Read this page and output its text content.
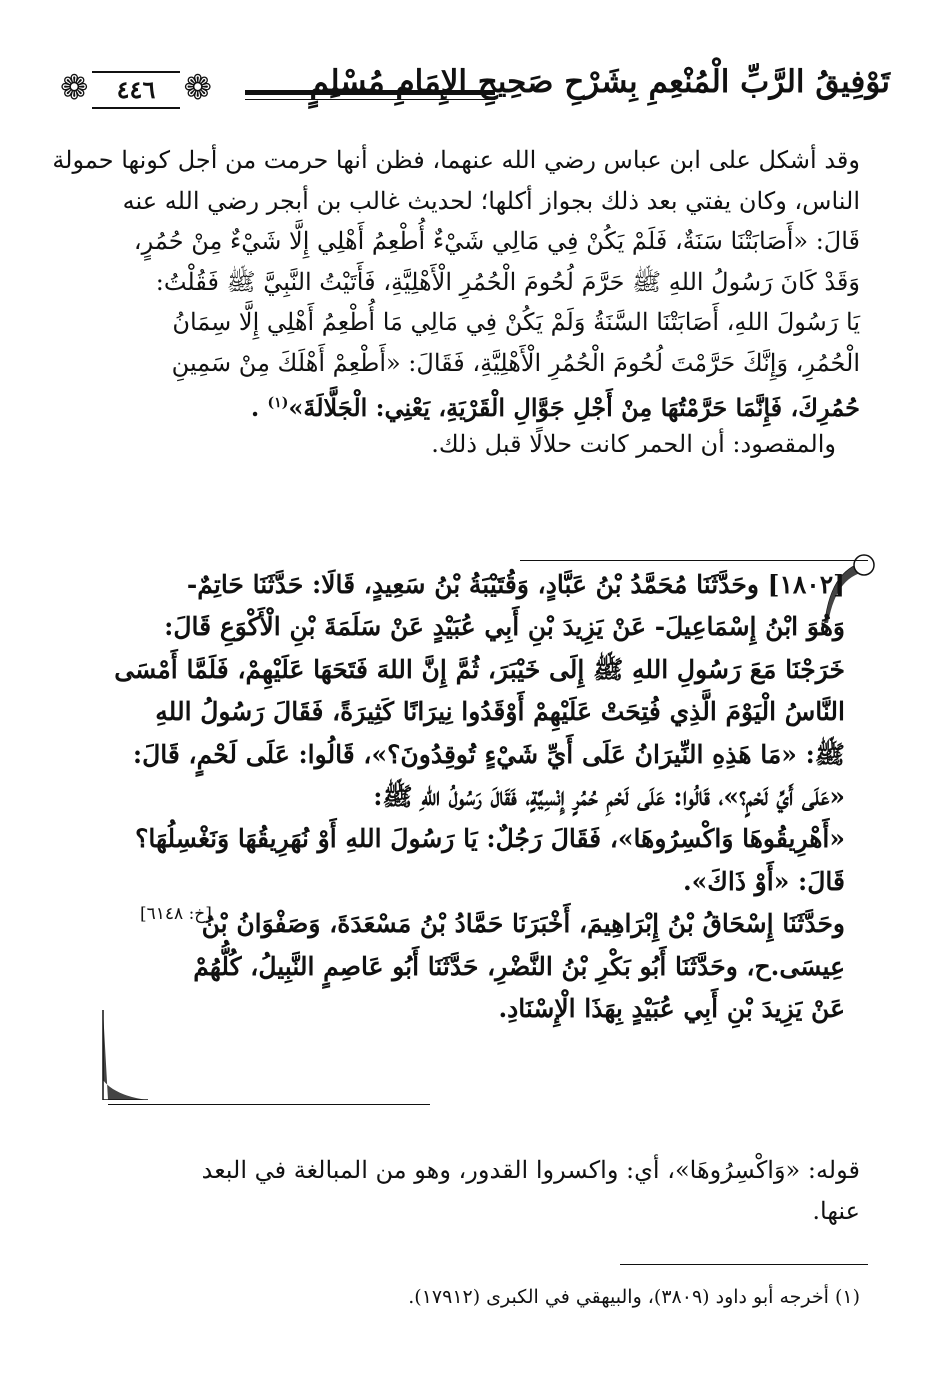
تَوْفِيقُ الرَّبِّ الْمُنْعِمِ بِشَرْحِ صَحِيحِ الإِمَامِ مُسْلِمٍ
❁
٤٤٦
❁
وقد أشكل على ابن عباس رضي الله عنهما، فظن أنها حرمت من أجل كونها حمولة
الناس، وكان يفتي بعد ذلك بجواز أكلها؛ لحديث غالب بن أبجر رضي الله عنه
قَالَ: «أَصَابَتْنَا سَنَةٌ، فَلَمْ يَكُنْ فِي مَالِي شَيْءٌ أُطْعِمُ أَهْلِي إِلَّا شَيْءٌ مِنْ حُمُرٍ،
وَقَدْ كَانَ رَسُولُ اللهِ ﷺ حَرَّمَ لُحُومَ الْحُمُرِ الْأَهْلِيَّةِ، فَأَتَيْتُ النَّبِيَّ ﷺ فَقُلْتُ:
يَا رَسُولَ اللهِ، أَصَابَتْنَا السَّنَةُ وَلَمْ يَكُنْ فِي مَالِي مَا أُطْعِمُ أَهْلِي إِلَّا سِمَانُ
الْحُمُرِ، وَإِنَّكَ حَرَّمْتَ لُحُومَ الْحُمُرِ الْأَهْلِيَّةِ، فَقَالَ: «أَطْعِمْ أَهْلَكَ مِنْ سَمِينِ
حُمُرِكَ، فَإِنَّمَا حَرَّمْتُهَا مِنْ أَجْلِ جَوَّالِ الْقَرْيَةِ، يَعْنِي: الْجَلَّالَةَ»$^{(١)}$ .
والمقصود: أن الحمر كانت حلالًا قبل ذلك.
[١٨٠٢] وحَدَّثَنَا مُحَمَّدُ بْنُ عَبَّادٍ، وَقُتَيْبَةُ بْنُ سَعِيدٍ، قَالَا: حَدَّثَنَا حَاتِمٌ-
وَهُوَ ابْنُ إِسْمَاعِيلَ- عَنْ يَزِيدَ بْنِ أَبِي عُبَيْدٍ عَنْ سَلَمَةَ بْنِ الْأَكْوَعِ قَالَ:
خَرَجْنَا مَعَ رَسُولِ اللهِ ﷺ إِلَى خَيْبَرَ، ثُمَّ إِنَّ اللهَ فَتَحَهَا عَلَيْهِمْ، فَلَمَّا أَمْسَى
النَّاسُ الْيَوْمَ الَّذِي فُتِحَتْ عَلَيْهِمْ أَوْقَدُوا نِيرَانًا كَثِيرَةً، فَقَالَ رَسُولُ اللهِ
ﷺ: «مَا هَذِهِ النِّيرَانُ عَلَى أَيِّ شَيْءٍ تُوقِدُونَ؟»، قَالُوا: عَلَى لَحْمٍ، قَالَ:
«عَلَى أَيِّ لَحْمٍ؟»، قَالُوا: عَلَى لَحْمِ حُمُرٍ إِنْسِيَّةٍ، فَقَالَ رَسُولُ اللهِ ﷺ:
«أَهْرِيقُوهَا وَاكْسِرُوهَا»، فَقَالَ رَجُلٌ: يَا رَسُولَ اللهِ أَوْ نُهَرِيقُهَا وَنَغْسِلُهَا؟
قَالَ: «أَوْ ذَاكَ».
وحَدَّثَنَا إِسْحَاقُ بْنُ إِبْرَاهِيمَ، أَخْبَرَنَا حَمَّادُ بْنُ مَسْعَدَةَ، وَصَفْوَانُ بْنُ
عِيسَى.ح، وحَدَّثَنَا أَبُو بَكْرِ بْنُ النَّضْرِ، حَدَّثَنَا أَبُو عَاصِمٍ النَّبِيلُ، كُلُّهُمْ
عَنْ يَزِيدَ بْنِ أَبِي عُبَيْدٍ بِهَذَا الْإِسْنَادِ.
[خ: ٦١٤٨]
قوله: «وَاكْسِرُوهَا»، أي: واكسروا القدور، وهو من المبالغة في البعد
عنها.
(١) أخرجه أبو داود (٣٨٠٩)، والبيهقي في الكبرى (١٧٩١٢).
